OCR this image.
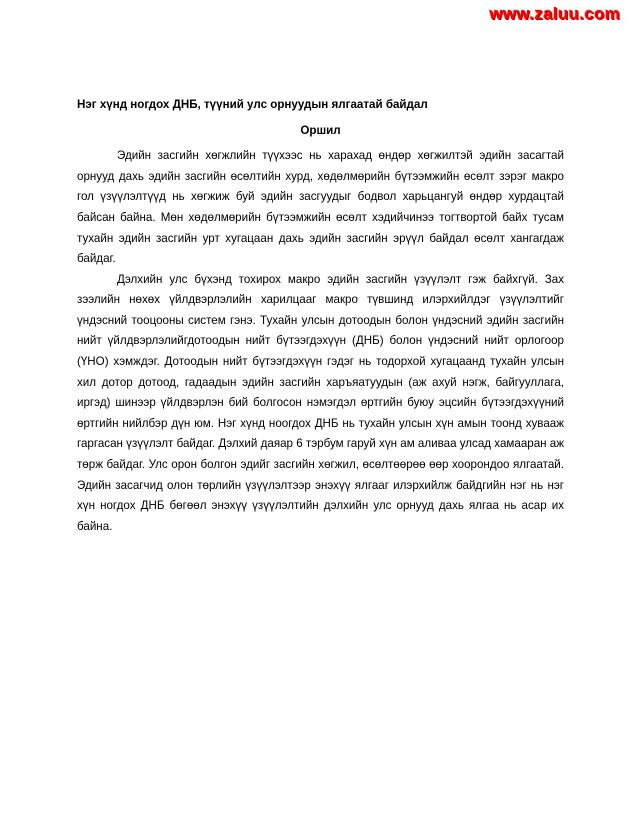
www.zaluu.com
Нэг хүнд ногдох ДНБ, түүний улс орнуудын ялгаатай байдал
Оршил

Эдийн засгийн хөгжлийн түүхээс нь харахад өндөр хөгжилтэй эдийн засагтай орнууд дахь эдийн засгийн өсөлтийн хурд, хөдөлмөрийн бүтээмжийн өсөлт зэрэг макро гол үзүүлэлтүүд нь хөгжиж буй эдийн засгуудыг бодвол харьцангуй өндөр хурдацтай байсан байна. Мөн хөдөлмөрийн бүтээмжийн өсөлт хэдийчинээ тогтвортой байх тусам тухайн эдийн засгийн урт хугацаан дахь эдийн засгийн эрүүл байдал өсөлт хангагдаж байдаг.

Дэлхийн улс бүхэнд тохирох макро эдийн засгийн үзүүлэлт гэж байхгүй. Зах зээлийн нөхөх үйлдвэрлэлийн харилцааг макро түвшинд илэрхийлдэг үзүүлэлтийг үндэсний тооцооны систем гэнэ. Тухайн улсын дотоодын болон үндэсний эдийн засгийн нийт үйлдвэрлэлийгдотоодын нийт бүтээгдэхүүн (ДНБ) болон үндэсний нийт орлогоор (ҮНО) хэмждэг. Дотоодын нийт бүтээгдэхүүн гэдэг нь тодорхой хугацаанд тухайн улсын хил дотор дотоод, гадаадын эдийн засгийн харъяатуудын (аж ахуй нэгж, байгууллага, иргэд) шинээр үйлдвэрлэн бий болгосон нэмэгдэл өртгийн буюу эцсийн бүтээгдэхүүний өртгийн нийлбэр дүн юм. Нэг хүнд ноогдох ДНБ нь тухайн улсын хүн амын тоонд хувааж гаргасан үзүүлэлт байдаг. Дэлхий даяар 6 тэрбум гаруй хүн ам аливаа улсад хамааран аж төрж байдаг. Улс орон болгон эдийг засгийн хөгжил, өсөлтөөрөө өөр хоорондоо ялгаатай. Эдийн засагчид олон төрлийн үзүүлэлтээр энэхүү ялгааг илэрхийлж байдгийн нэг нь нэг хүн ногдох ДНБ бөгөөл энэхүү үзүүлэлтийн дэлхийн улс орнууд дахь ялгаа нь асар их байна.
